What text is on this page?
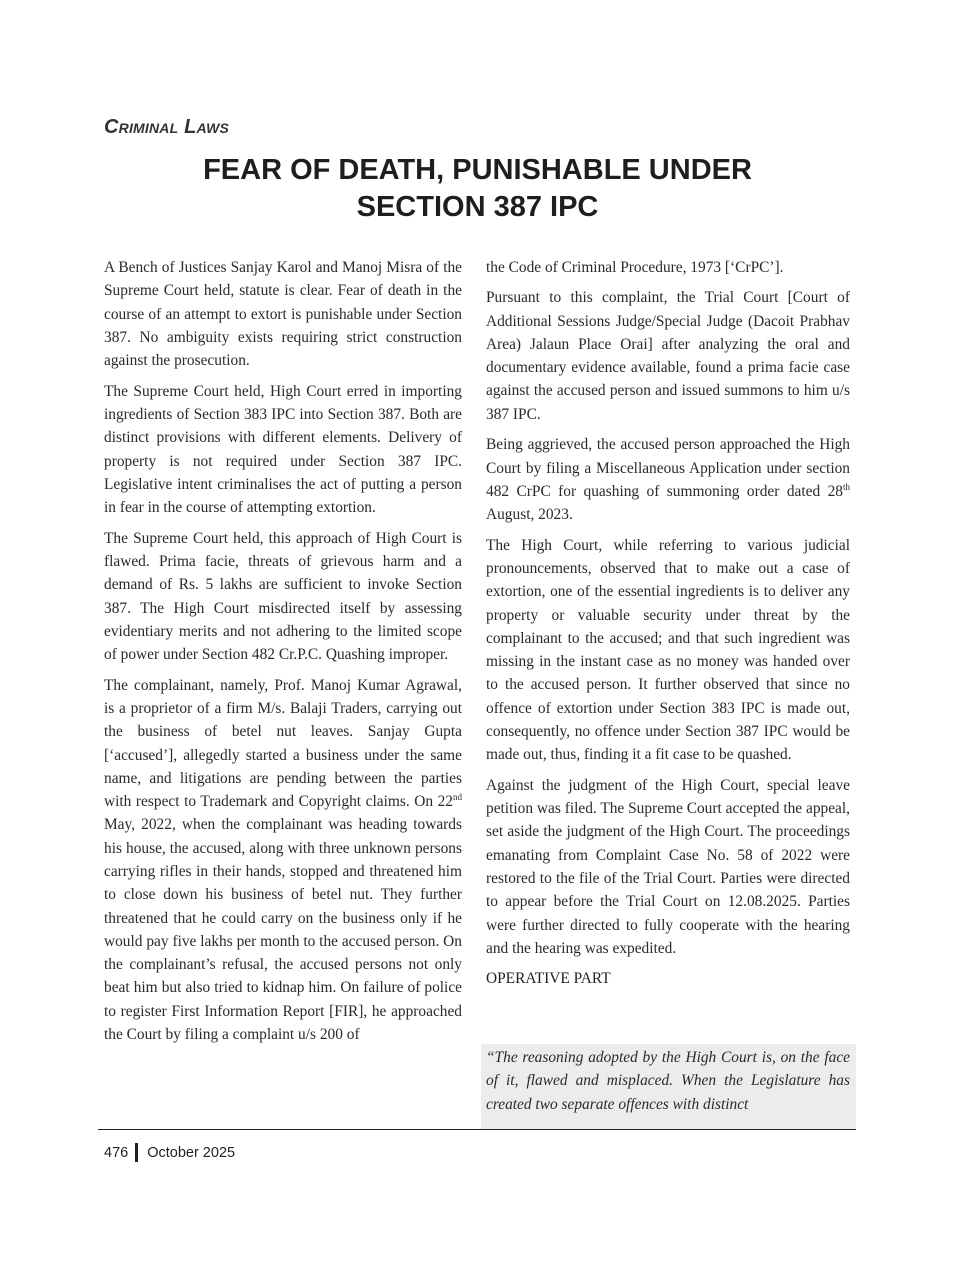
Criminal Laws
FEAR OF DEATH, PUNISHABLE UNDER
SECTION 387 IPC

A Bench of Justices Sanjay Karol and Manoj Misra of the Supreme Court held, statute is clear. Fear of death in the course of an attempt to extort is punishable under Section 387. No ambiguity exists requiring strict construction against the prosecution.

The Supreme Court held, High Court erred in importing ingredients of Section 383 IPC into Section 387. Both are distinct provisions with different elements. Delivery of property is not required under Section 387 IPC. Legislative intent criminalises the act of putting a person in fear in the course of attempting extortion.

The Supreme Court held, this approach of High Court is flawed. Prima facie, threats of grievous harm and a demand of Rs. 5 lakhs are sufficient to invoke Section 387. The High Court misdirected itself by assessing evidentiary merits and not adhering to the limited scope of power under Section 482 Cr.P.C. Quashing improper.

The complainant, namely, Prof. Manoj Kumar Agrawal, is a proprietor of a firm M/s. Balaji Traders, carrying out the business of betel nut leaves. Sanjay Gupta [‘accused’], allegedly started a business under the same name, and litigations are pending between the parties with respect to Trademark and Copyright claims. On 22nd May, 2022, when the complainant was heading towards his house, the accused, along with three unknown persons carrying rifles in their hands, stopped and threatened him to close down his business of betel nut. They further threatened that he could carry on the business only if he would pay five lakhs per month to the accused person. On the complainant’s refusal, the accused persons not only beat him but also tried to kidnap him. On failure of police to register First Information Report [FIR], he approached the Court by filing a complaint u/s 200 of

the Code of Criminal Procedure, 1973 [‘CrPC’].

Pursuant to this complaint, the Trial Court [Court of Additional Sessions Judge/Special Judge (Dacoit Prabhav Area) Jalaun Place Orai] after analyzing the oral and documentary evidence available, found a prima facie case against the accused person and issued summons to him u/s 387 IPC.

Being aggrieved, the accused person approached the High Court by filing a Miscellaneous Application under section 482 CrPC for quashing of summoning order dated 28th August, 2023.

The High Court, while referring to various judicial pronouncements, observed that to make out a case of extortion, one of the essential ingredients is to deliver any property or valuable security under threat by the complainant to the accused; and that such ingredient was missing in the instant case as no money was handed over to the accused person. It further observed that since no offence of extortion under Section 383 IPC is made out, consequently, no offence under Section 387 IPC would be made out, thus, finding it a fit case to be quashed.

Against the judgment of the High Court, special leave petition was filed. The Supreme Court accepted the appeal, set aside the judgment of the High Court. The proceedings emanating from Complaint Case No. 58 of 2022 were restored to the file of the Trial Court. Parties were directed to appear before the Trial Court on 12.08.2025. Parties were further directed to fully cooperate with the hearing and the hearing was expedited.

OPERATIVE PART

“The reasoning adopted by the High Court is, on the face of it, flawed and misplaced. When the Legislature has created two separate offences with distinct

476 October 2025
